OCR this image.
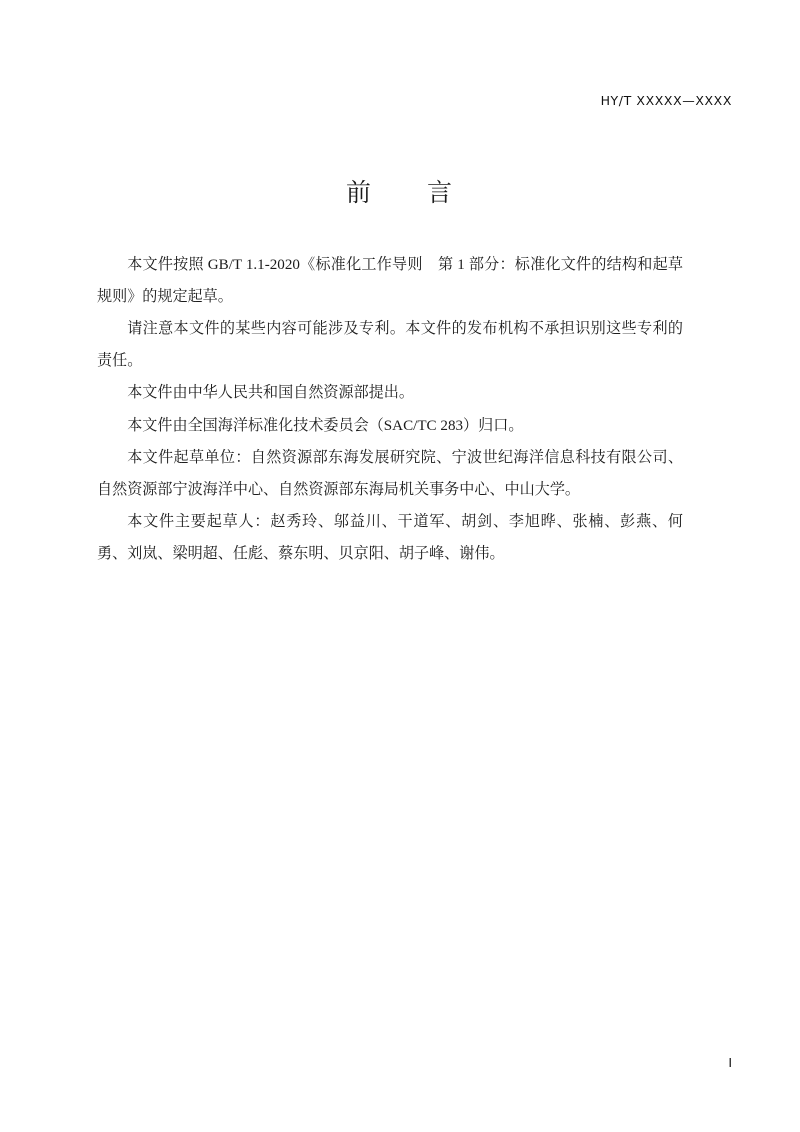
HY/T XXXXX—XXXX
前　　言

本文件按照 GB/T 1.1-2020《标准化工作导则　第 1 部分：标准化文件的结构和起草规则》的规定起草。

请注意本文件的某些内容可能涉及专利。本文件的发布机构不承担识别这些专利的责任。

本文件由中华人民共和国自然资源部提出。

本文件由全国海洋标准化技术委员会（SAC/TC 283）归口。

本文件起草单位：自然资源部东海发展研究院、宁波世纪海洋信息科技有限公司、自然资源部宁波海洋中心、自然资源部东海局机关事务中心、中山大学。

本文件主要起草人：赵秀玲、邬益川、干道军、胡剑、李旭晔、张楠、彭燕、何勇、刘岚、梁明超、任彪、蔡东明、贝京阳、胡子峰、谢伟。

I
